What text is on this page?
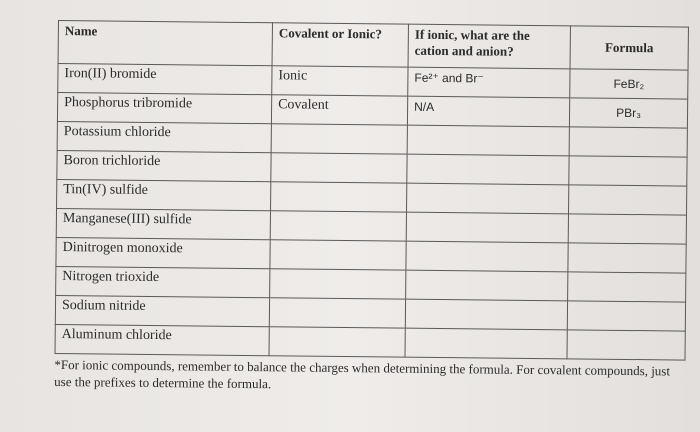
Name	Covalent or Ionic?	If ionic, what are the cation and anion?	Formula
Iron(II) bromide	Ionic	Fe²⁺ and Br⁻	FeBr₂
Phosphorus tribromide	Covalent	N/A	PBr₃
Potassium chloride			
Boron trichloride			
Tin(IV) sulfide			
Manganese(III) sulfide			
Dinitrogen monoxide			
Nitrogen trioxide			
Sodium nitride			
Aluminum chloride			
*For ionic compounds, remember to balance the charges when determining the formula. For covalent compounds, just use the prefixes to determine the formula.
